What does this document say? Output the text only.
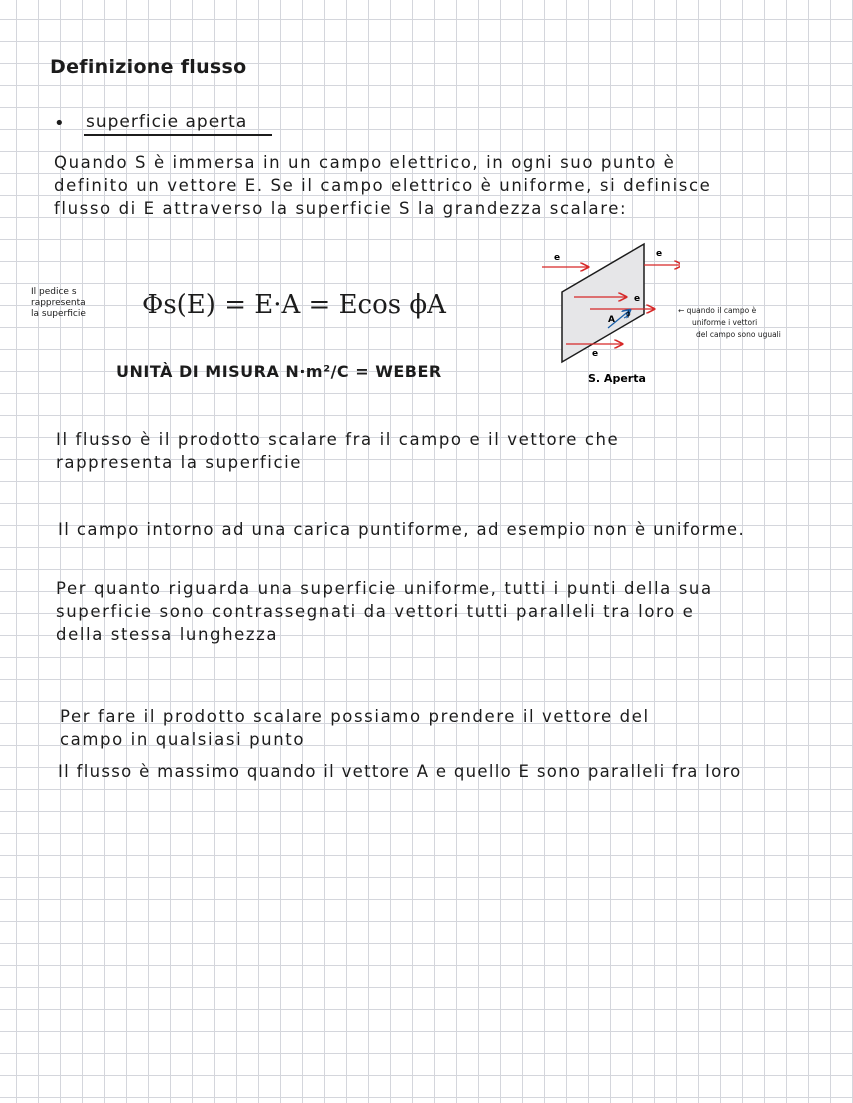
Definizione flusso
• superficie aperta
Quando S è immersa in un campo elettrico, in ogni suo punto è
definito un vettore E. Se il campo elettrico è uniforme, si definisce
flusso di E attraverso la superficie S la grandezza scalare:
Il pedice s
rappresenta
la superficie	Φs(E) = E·A = Ecos ϕA
UNITÀ DI MISURA N·m²/C = WEBER
e	e
e
e
A
ϕ
S. Aperta
← quando il campo è
uniforme i vettori
del campo sono uguali
Il flusso è il prodotto scalare fra il campo e il vettore che
rappresenta la superficie
Il campo intorno ad una carica puntiforme, ad esempio non è uniforme.
Per quanto riguarda una superficie uniforme, tutti i punti della sua
superficie sono contrassegnati da vettori tutti paralleli tra loro e
della stessa lunghezza
Per fare il prodotto scalare possiamo prendere il vettore del
campo in qualsiasi punto
Il flusso è massimo quando il vettore A e quello E sono paralleli fra loro
